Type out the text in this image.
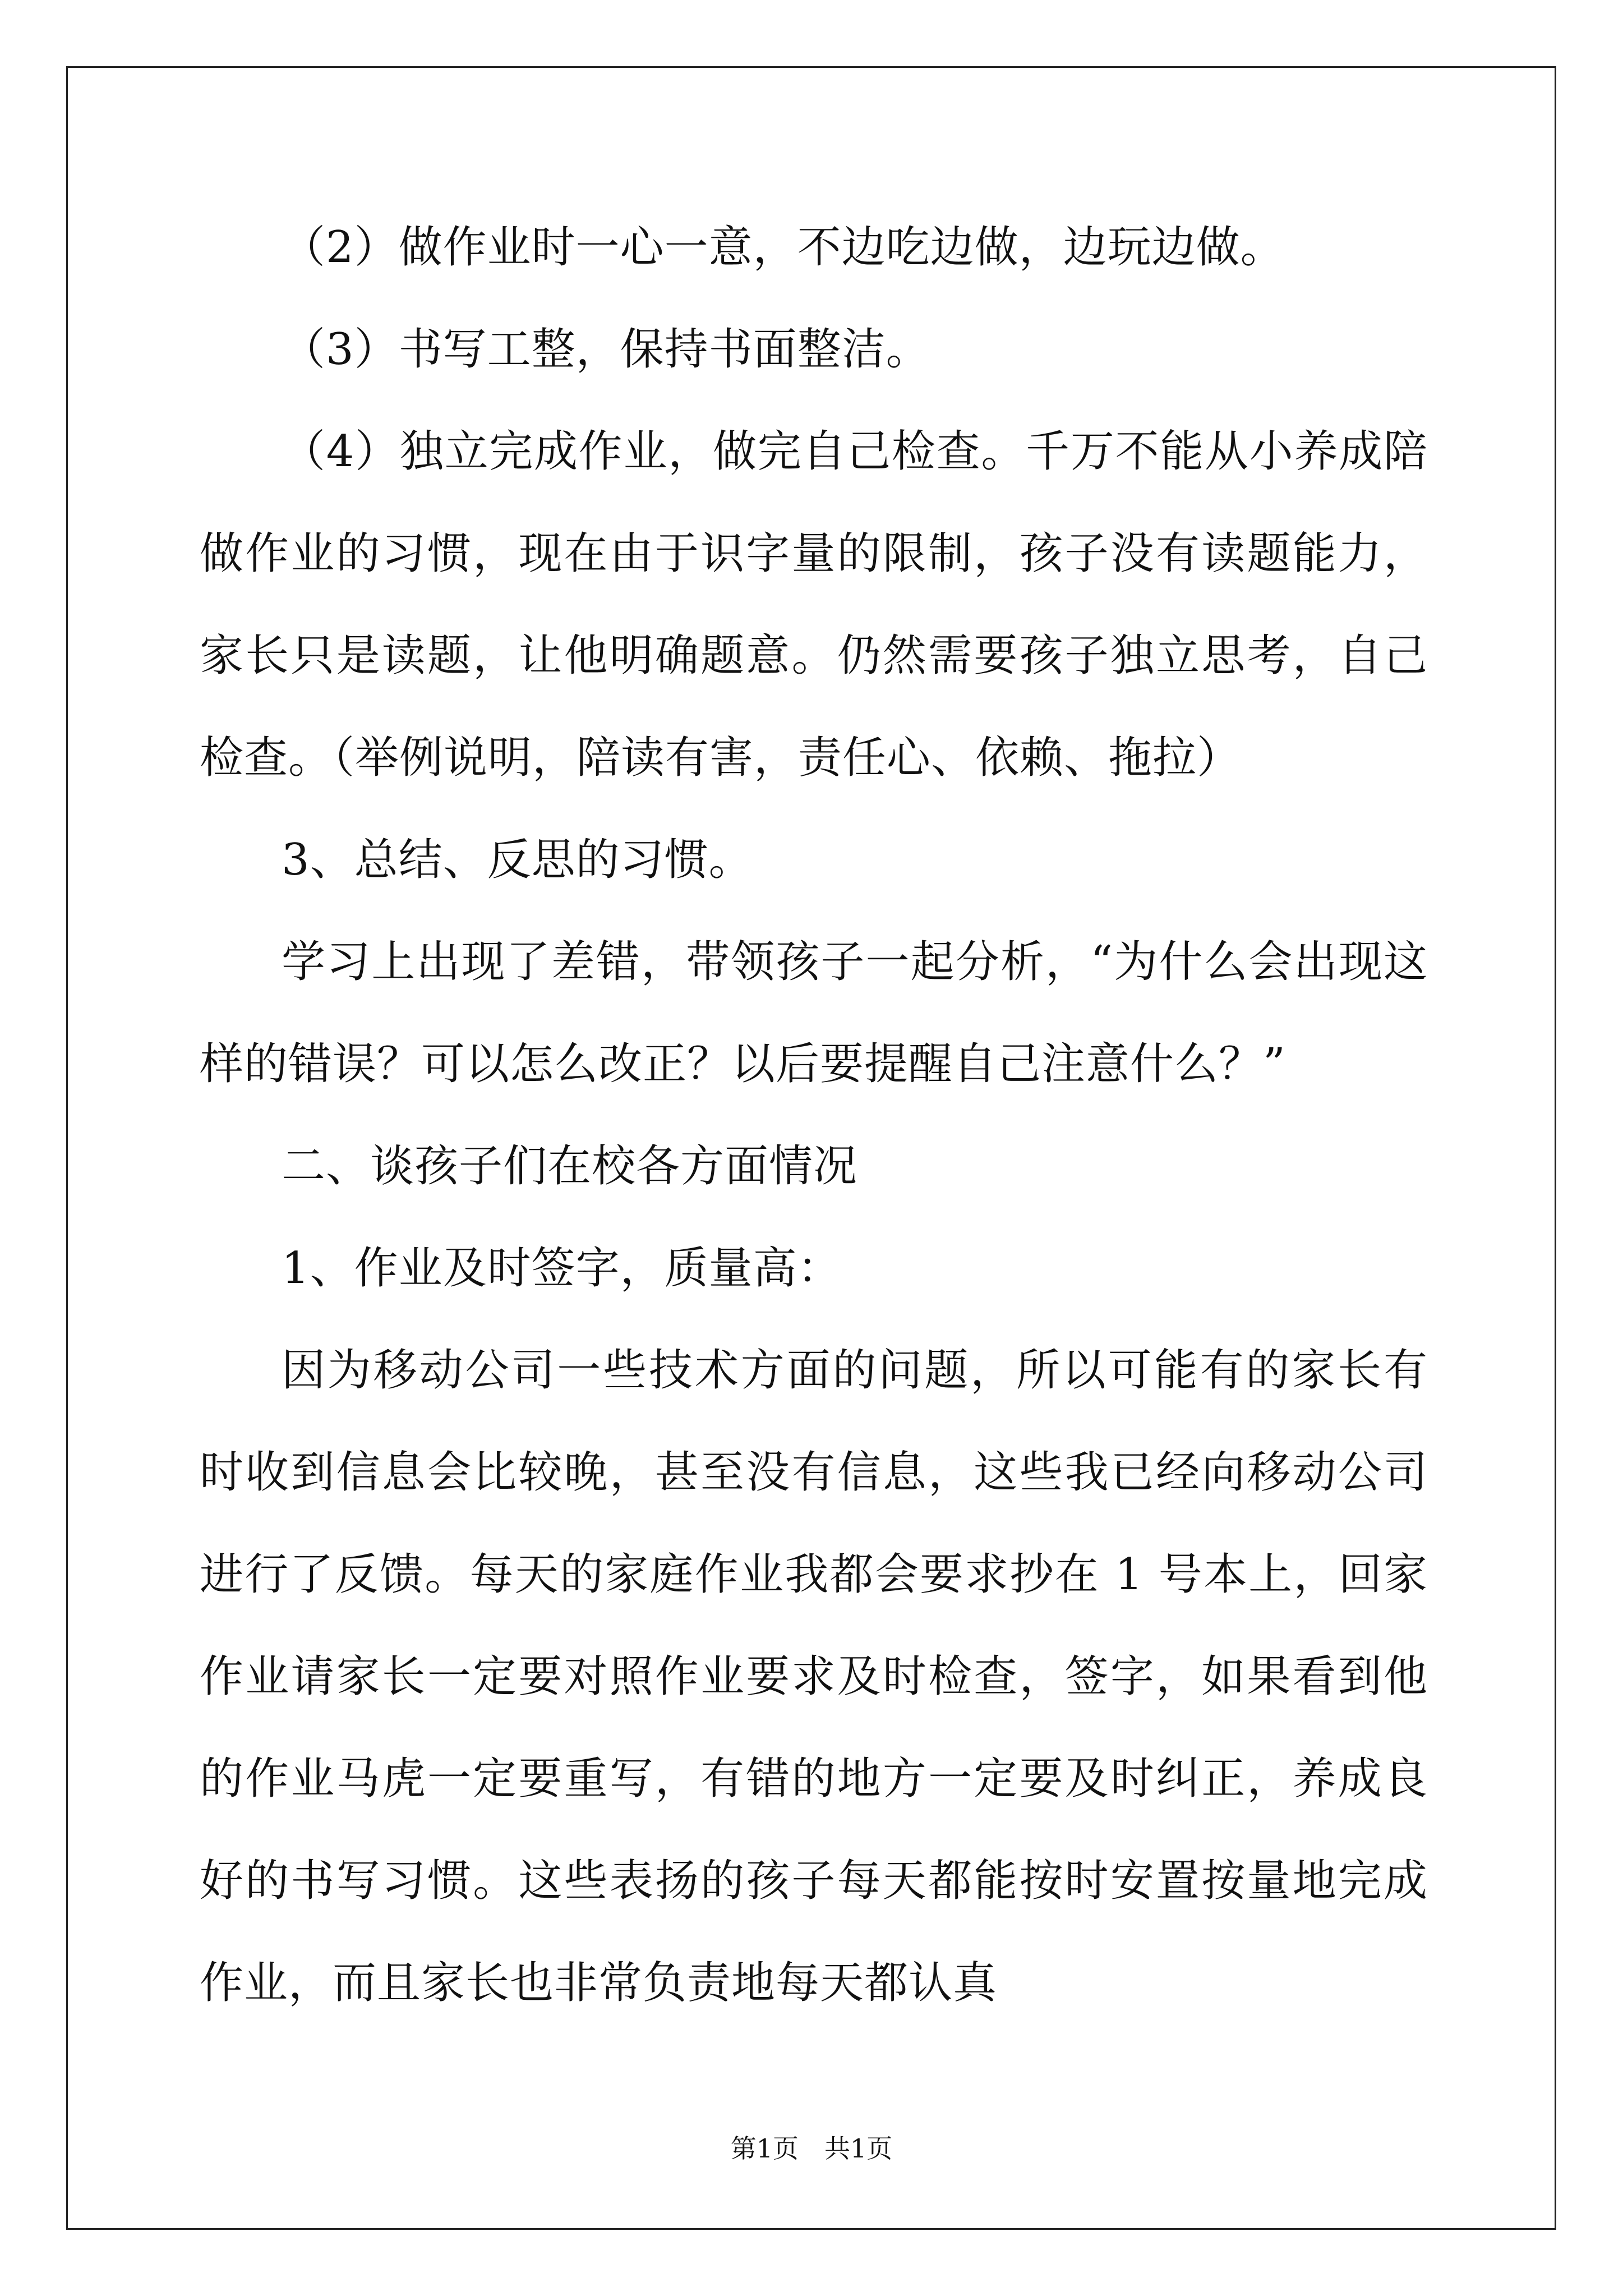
（2）做作业时一心一意，不边吃边做，边玩边做。

（3）书写工整，保持书面整洁。

（4）独立完成作业，做完自己检查。千万不能从小养成陪做作业的习惯，现在由于识字量的限制，孩子没有读题能力，家长只是读题，让他明确题意。仍然需要孩子独立思考，自己检查。（举例说明，陪读有害，责任心、依赖、拖拉）

3、总结、反思的习惯。

学习上出现了差错，带领孩子一起分析，“为什么会出现这样的错误？可以怎么改正？以后要提醒自己注意什么？”

二、谈孩子们在校各方面情况

1、作业及时签字，质量高：

因为移动公司一些技术方面的问题，所以可能有的家长有时收到信息会比较晚，甚至没有信息，这些我已经向移动公司进行了反馈。每天的家庭作业我都会要求抄在 1 号本上，回家作业请家长一定要对照作业要求及时检查，签字，如果看到他的作业马虎一定要重写，有错的地方一定要及时纠正，养成良好的书写习惯。这些表扬的孩子每天都能按时安置按量地完成作业，而且家长也非常负责地每天都认真

第1页　共1页
